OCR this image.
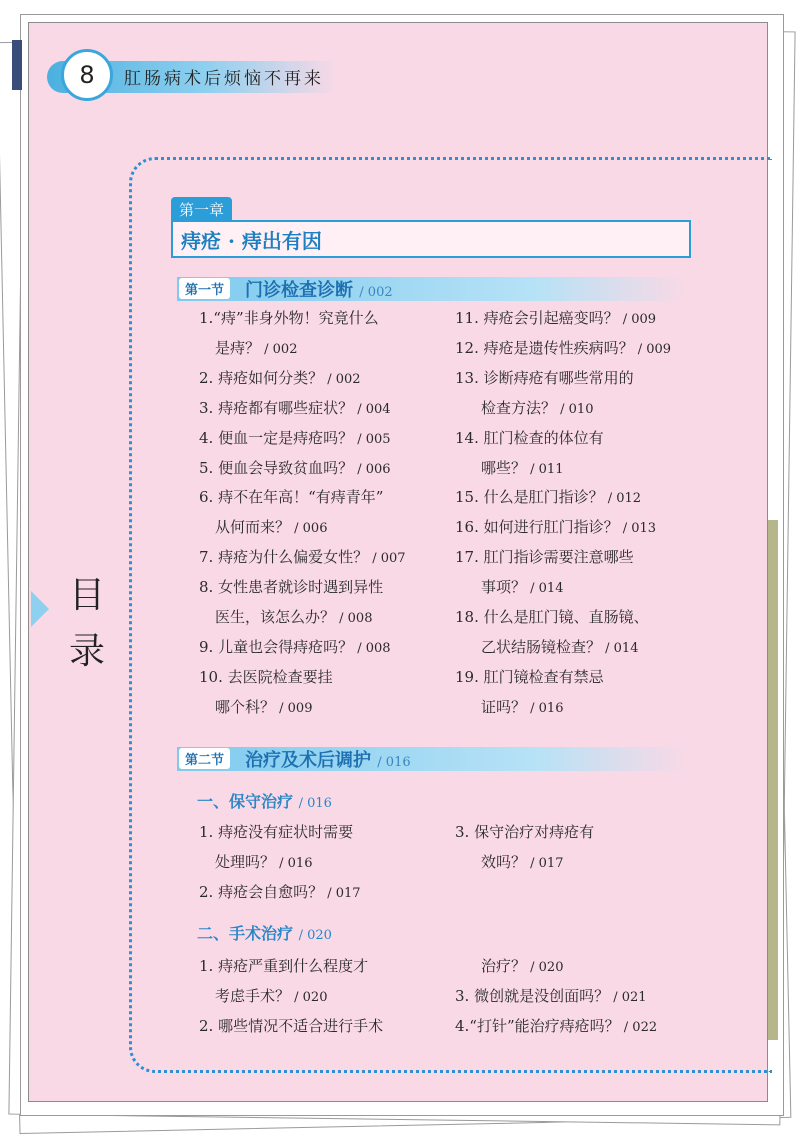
8	肛肠病术后烦恼不再来
目
录
第一章
痔疮 · 痔出有因
第一节	门诊检查诊断 / 002
1.“痔”非身外物！究竟什么
是痔？ / 002
2. 痔疮如何分类？ / 002
3. 痔疮都有哪些症状？ / 004
4. 便血一定是痔疮吗？ / 005
5. 便血会导致贫血吗？ / 006
6. 痔不在年高！“有痔青年”
从何而来？ / 006
7. 痔疮为什么偏爱女性？ / 007
8. 女性患者就诊时遇到异性
医生，该怎么办？ / 008
9. 儿童也会得痔疮吗？ / 008
10. 去医院检查要挂
哪个科？ / 009
11. 痔疮会引起癌变吗？ / 009
12. 痔疮是遗传性疾病吗？ / 009
13. 诊断痔疮有哪些常用的
检查方法？ / 010
14. 肛门检查的体位有
哪些？ / 011
15. 什么是肛门指诊？ / 012
16. 如何进行肛门指诊？ / 013
17. 肛门指诊需要注意哪些
事项？ / 014
18. 什么是肛门镜、直肠镜、
乙状结肠镜检查？ / 014
19. 肛门镜检查有禁忌
证吗？ / 016
第二节	治疗及术后调护 / 016
一、保守治疗 / 016
1. 痔疮没有症状时需要
处理吗？ / 016
2. 痔疮会自愈吗？ / 017
3. 保守治疗对痔疮有
效吗？ / 017
二、手术治疗 / 020
1. 痔疮严重到什么程度才
考虑手术？ / 020
2. 哪些情况不适合进行手术
治疗？ / 020
3. 微创就是没创面吗？ / 021
4.“打针”能治疗痔疮吗？ / 022
